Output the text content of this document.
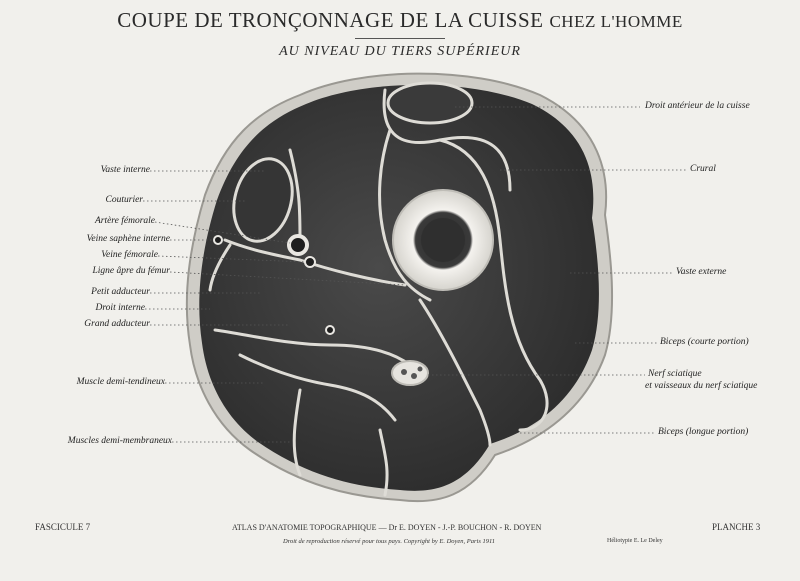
COUPE DE TRONÇONNAGE DE LA CUISSE CHEZ L'HOMME
AU NIVEAU DU TIERS SUPÉRIEUR
Vaste interne
Couturier
Artère fémorale
Veine saphène interne
Veine fémorale
Ligne âpre du fémur
Petit adducteur
Droit interne
Grand adducteur
Muscle demi-tendineux
Muscles demi-membraneux
Droit antérieur de la cuisse
Crural
Vaste externe
Biceps (courte portion)
Nerf sciatique
et vaisseaux du nerf sciatique
Biceps (longue portion)
FASCICULE 7	ATLAS D'ANATOMIE TOPOGRAPHIQUE — Dr E. DOYEN - J.-P. BOUCHON - R. DOYEN
Droit de reproduction réservé pour tous pays. Copyright by E. Doyen, Paris 1911	Héliotypie E. Le Deley
PLANCHE 3
